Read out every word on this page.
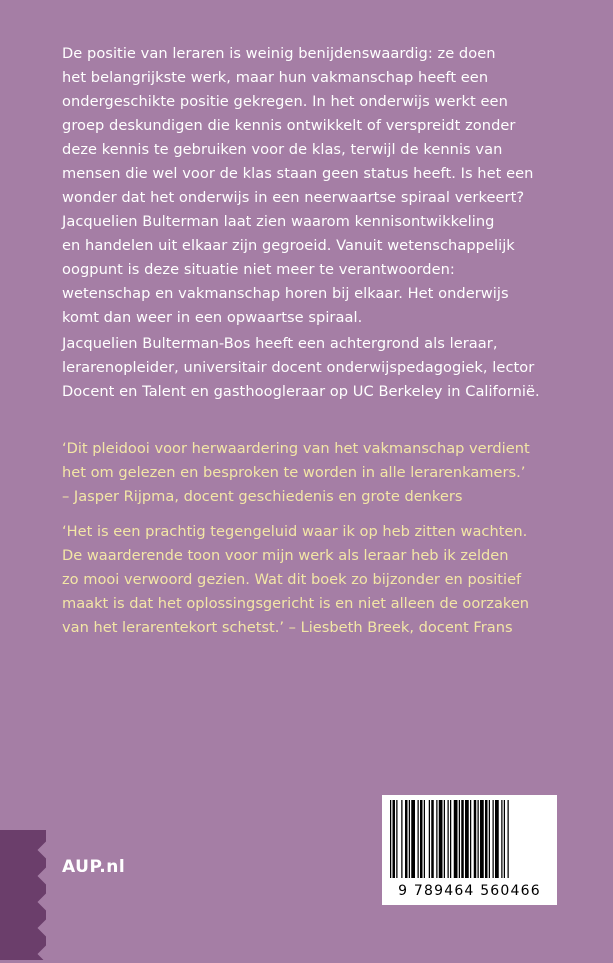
De positie van leraren is weinig benijdenswaardig: ze doen
het belangrijkste werk, maar hun vakmanschap heeft een
ondergeschikte positie gekregen. In het onderwijs werkt een
groep deskundigen die kennis ontwikkelt of verspreidt zonder
deze kennis te gebruiken voor de klas, terwijl de kennis van
mensen die wel voor de klas staan geen status heeft. Is het een
wonder dat het onderwijs in een neerwaartse spiraal verkeert?

Jacquelien Bulterman laat zien waarom kennisontwikkeling
en handelen uit elkaar zijn gegroeid. Vanuit wetenschappelijk
oogpunt is deze situatie niet meer te verantwoorden:
wetenschap en vakmanschap horen bij elkaar. Het onderwijs
komt dan weer in een opwaartse spiraal.

Jacquelien Bulterman-Bos heeft een achtergrond als leraar,
lerarenopleider, universitair docent onderwijspedagogiek, lector
Docent en Talent en gasthoogleraar op UC Berkeley in Californië.

‘Dit pleidooi voor herwaardering van het vakmanschap verdient
het om gelezen en besproken te worden in alle lerarenkamers.’
– Jasper Rijpma, docent geschiedenis en grote denkers

‘Het is een prachtig tegengeluid waar ik op heb zitten wachten.
De waarderende toon voor mijn werk als leraar heb ik zelden
zo mooi verwoord gezien. Wat dit boek zo bijzonder en positief
maakt is dat het oplossingsgericht is en niet alleen de oorzaken
van het lerarentekort schetst.’ – Liesbeth Breek, docent Frans

AUP.nl
9 789464 560466
